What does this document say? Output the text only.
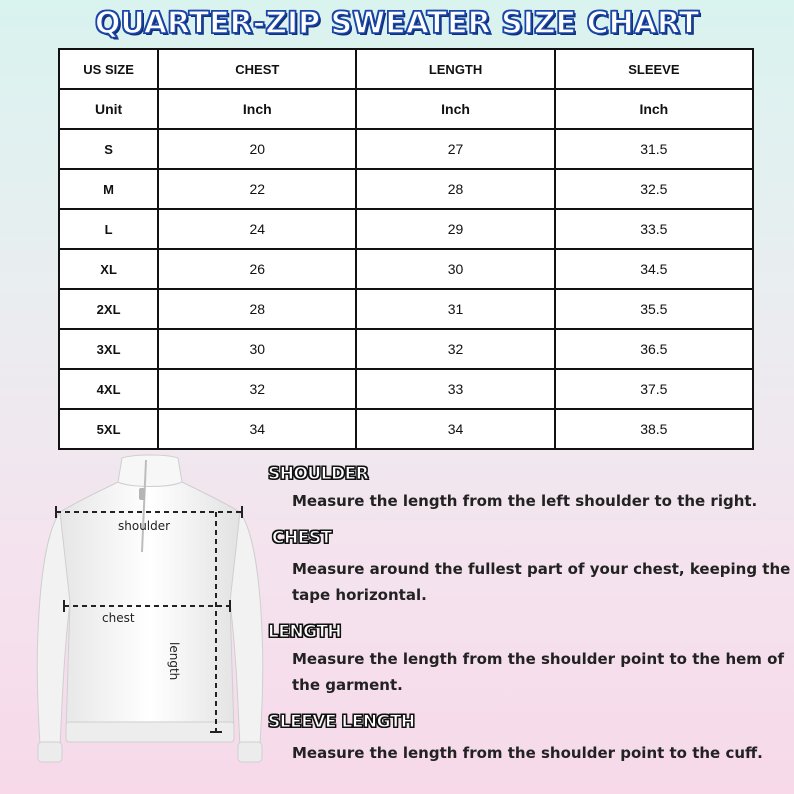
QUARTER-ZIP SWEATER SIZE CHART
US SIZE	CHEST	LENGTH	SLEEVE
Unit	Inch	Inch	Inch
S	20	27	31.5
M	22	28	32.5
L	24	29	33.5
XL	26	30	34.5
2XL	28	31	35.5
3XL	30	32	36.5
4XL	32	33	37.5
5XL	34	34	38.5
shoulder
chest
length
SHOULDER
Measure the length from the left shoulder to the right.
CHEST
Measure around the fullest part of your chest, keeping the
tape horizontal.
LENGTH
Measure the length from the shoulder point to the hem of
the garment.
SLEEVE LENGTH
Measure the length from the shoulder point to the cuff.
